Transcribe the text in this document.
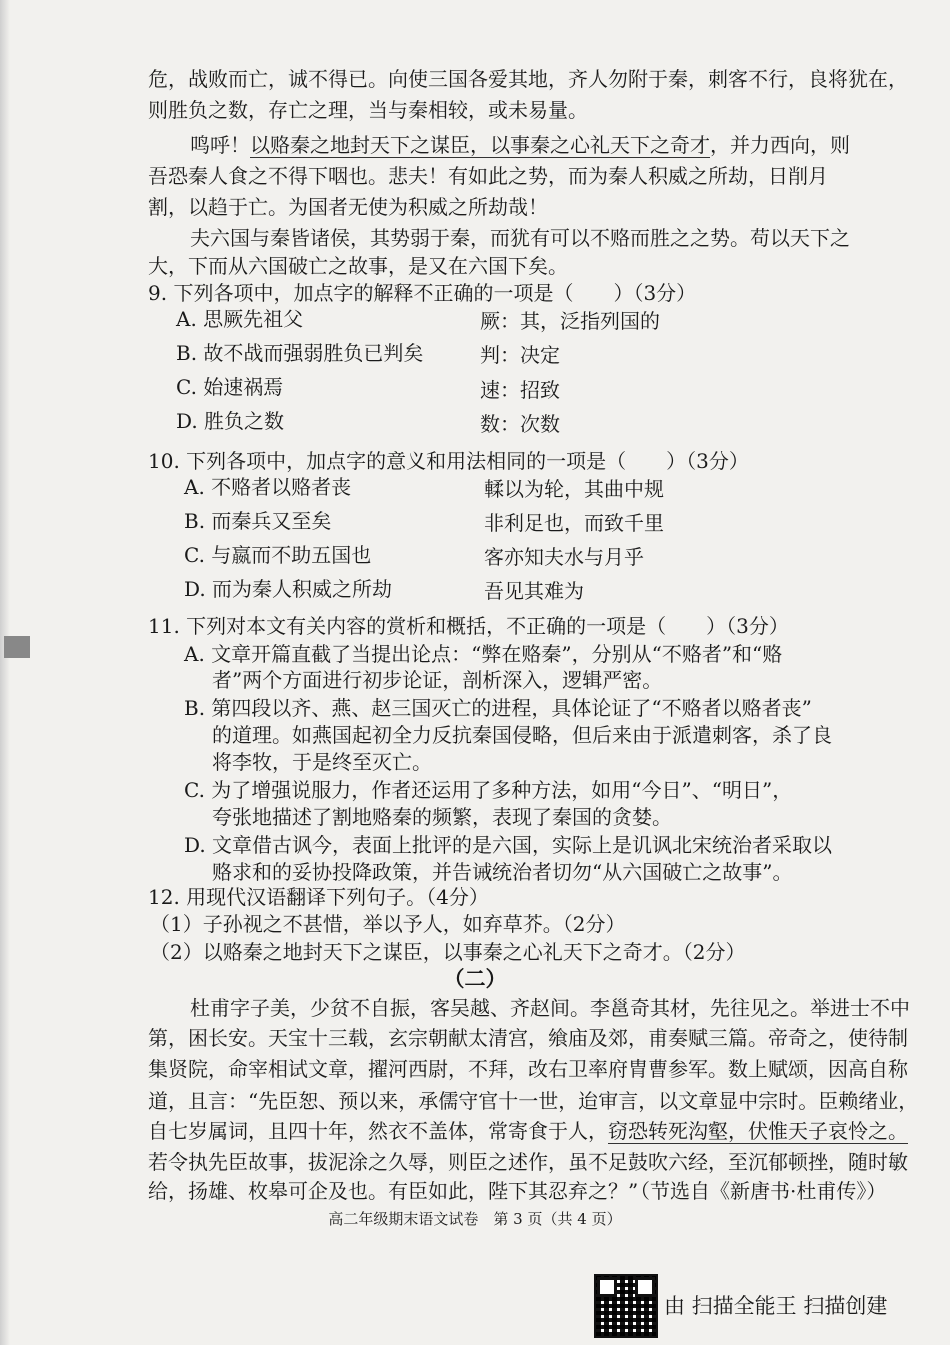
危，战败而亡，诚不得已。向使三国各爱其地，齐人勿附于秦，刺客不行，良将犹在，
则胜负之数，存亡之理，当与秦相较，或未易量。
鸣呼！以赂秦之地封天下之谋臣，以事秦之心礼天下之奇才，并力西向，则
吾恐秦人食之不得下咽也。悲夫！有如此之势，而为秦人积威之所劫，日削月
割，以趋于亡。为国者无使为积威之所劫哉！
夫六国与秦皆诸侯，其势弱于秦，而犹有可以不赂而胜之之势。苟以天下之
大，下而从六国破亡之故事，是又在六国下矣。
9. 下列各项中，加点字的解释不正确的一项是（　　）（3分）
A. 思厥先祖父	厥：其，泛指列国的
B. 故不战而强弱胜负已判矣	判：决定
C. 始速祸焉	速：招致
D. 胜负之数	数：次数
10. 下列各项中，加点字的意义和用法相同的一项是（　　）（3分）
A. 不赂者以赂者丧	輮以为轮，其曲中规
B. 而秦兵又至矣	非利足也，而致千里
C. 与嬴而不助五国也	客亦知夫水与月乎
D. 而为秦人积威之所劫	吾见其难为
11. 下列对本文有关内容的赏析和概括，不正确的一项是（　　）（3分）
A. 文章开篇直截了当提出论点：“弊在赂秦”，分别从“不赂者”和“赂
者”两个方面进行初步论证，剖析深入，逻辑严密。
B. 第四段以齐、燕、赵三国灭亡的进程，具体论证了“不赂者以赂者丧”
的道理。如燕国起初全力反抗秦国侵略，但后来由于派遣刺客，杀了良
将李牧，于是终至灭亡。
C. 为了增强说服力，作者还运用了多种方法，如用“今日”、“明日”，
夸张地描述了割地赂秦的频繁，表现了秦国的贪婪。
D. 文章借古讽今，表面上批评的是六国，实际上是讥讽北宋统治者采取以
赂求和的妥协投降政策，并告诫统治者切勿“从六国破亡之故事”。
12. 用现代汉语翻译下列句子。（4分）
（1）子孙视之不甚惜，举以予人，如弃草芥。（2分）
（2）以赂秦之地封天下之谋臣，以事秦之心礼天下之奇才。（2分）
（二）
杜甫字子美，少贫不自振，客吴越、齐赵间。李邕奇其材，先往见之。举进士不中
第，困长安。天宝十三载，玄宗朝献太清宫，飨庙及郊，甫奏赋三篇。帝奇之，使待制
集贤院，命宰相试文章，擢河西尉，不拜，改右卫率府胄曹参军。数上赋颂，因高自称
道，且言：“先臣恕、预以来，承儒守官十一世，迨审言，以文章显中宗时。臣赖绪业，
自七岁属词，且四十年，然衣不盖体，常寄食于人，窃恐转死沟壑，伏惟天子哀怜之。
若令执先臣故事，拔泥涂之久辱，则臣之述作，虽不足鼓吹六经，至沉郁顿挫，随时敏
给，扬雄、枚皋可企及也。有臣如此，陛下其忍弃之？”
（节选自《新唐书·杜甫传》）
高二年级期末语文试卷　第 3 页（共 4 页）
由 扫描全能王 扫描创建
